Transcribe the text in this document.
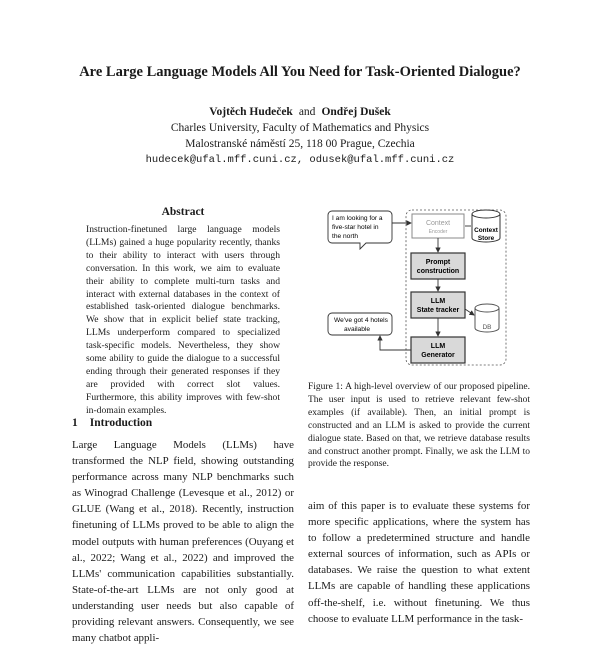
Are Large Language Models All You Need for Task-Oriented Dialogue?
Vojtěch Hudeček and Ondřej Dušek
Charles University, Faculty of Mathematics and Physics
Malostranské náměstí 25, 118 00 Prague, Czechia
hudecek@ufal.mff.cuni.cz, odusek@ufal.mff.cuni.cz
Abstract
Instruction-finetuned large language models (LLMs) gained a huge popularity recently, thanks to their ability to interact with users through conversation. In this work, we aim to evaluate their ability to complete multi-turn tasks and interact with external databases in the context of established task-oriented dialogue benchmarks. We show that in explicit belief state tracking, LLMs underperform compared to specialized task-specific models. Nevertheless, they show some ability to guide the dialogue to a successful ending through their generated responses if they are provided with correct slot values. Furthermore, this ability improves with few-shot in-domain examples.
1 Introduction
Large Language Models (LLMs) have transformed the NLP field, showing outstanding performance across many NLP benchmarks such as Winograd Challenge (Levesque et al., 2012) or GLUE (Wang et al., 2018). Recently, instruction finetuning of LLMs proved to be able to align the model outputs with human preferences (Ouyang et al., 2022; Wang et al., 2022) and improved the LLMs' communication capabilities substantially. State-of-the-art LLMs are not only good at understanding user needs but also capable of providing relevant answers. Consequently, we see many chatbot appli-
I am looking for a
five-star hotel in
the north
Context
Encoder	Context
Store
Prompt
construction
LLM
State tracker
DB
LLM
Generator
We've got 4 hotels
available
Figure 1: A high-level overview of our proposed pipeline. The user input is used to retrieve relevant few-shot examples (if available). Then, an initial prompt is constructed and an LLM is asked to provide the current dialogue state. Based on that, we retrieve database results and construct another prompt. Finally, we ask the LLM to provide the response.
aim of this paper is to evaluate these systems for more specific applications, where the system has to follow a predetermined structure and handle external sources of information, such as APIs or databases. We raise the question to what extent LLMs are capable of handling these applications off-the-shelf, i.e. without finetuning. We thus choose to evaluate LLM performance in the task-
